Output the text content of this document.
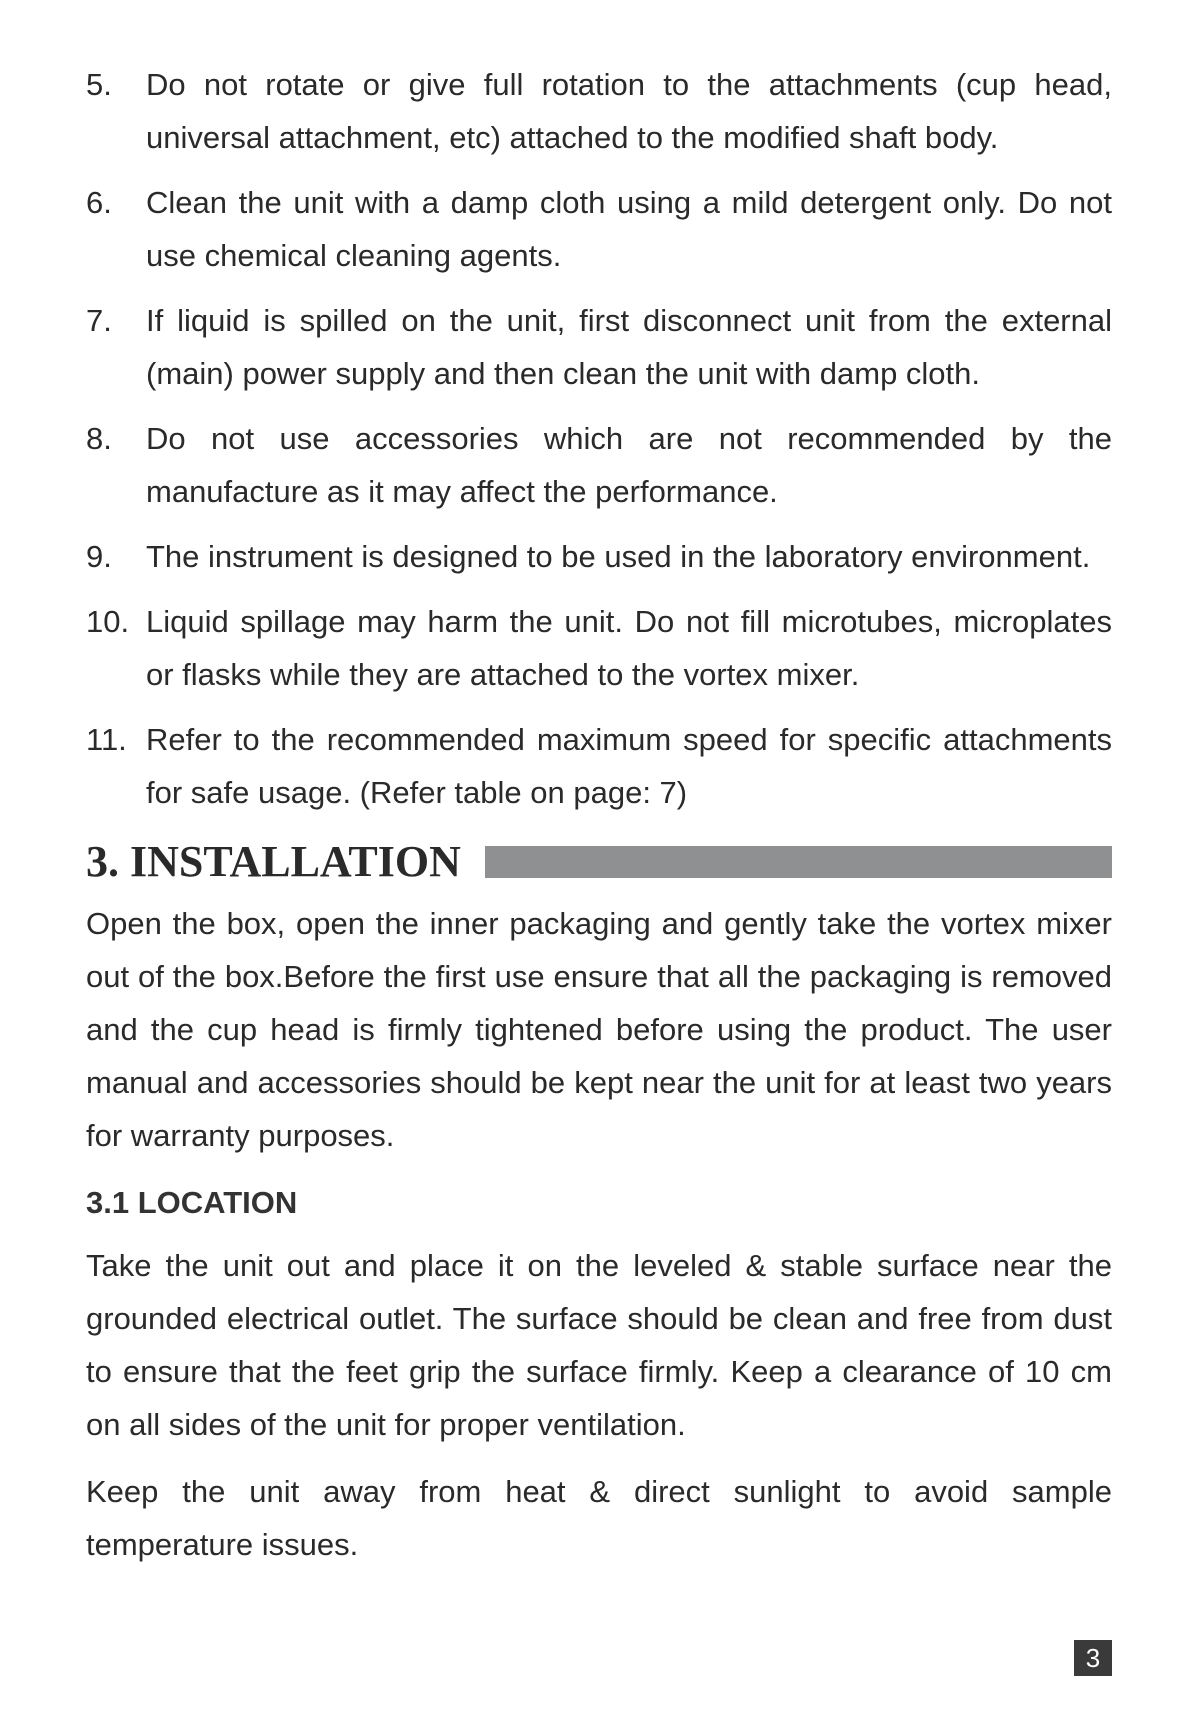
5.	Do not rotate or give full rotation to the attachments (cup head, universal attachment, etc) attached to the modified shaft body.
6.	Clean the unit with a damp cloth using a mild detergent only. Do not use chemical cleaning agents.
7.	If liquid is spilled on the unit, first disconnect unit from the external (main) power supply and then clean the unit with damp cloth.
8.	Do not use accessories which are not recommended by the manufacture as it may affect the performance.
9.	The instrument is designed to be used in the laboratory environment.
10. Liquid spillage may harm the unit. Do not fill microtubes, microplates or flasks while they are attached to the vortex mixer.
11. Refer to the recommended maximum speed for specific attachments for safe usage. (Refer table on page: 7)
3. INSTALLATION

Open the box, open the inner packaging and gently take the vortex mixer out of the box.Before the first use ensure that all the packaging is removed and the cup head is firmly tightened before using the product. The user manual and accessories should be kept near the unit for at least two years for warranty purposes.

3.1 LOCATION

Take the unit out and place it on the leveled & stable surface near the grounded electrical outlet. The surface should be clean and free from dust to ensure that the feet grip the surface firmly. Keep a clearance of 10 cm on all sides of the unit for proper ventilation.

Keep the unit away from heat & direct sunlight to avoid sample temperature issues.

3
